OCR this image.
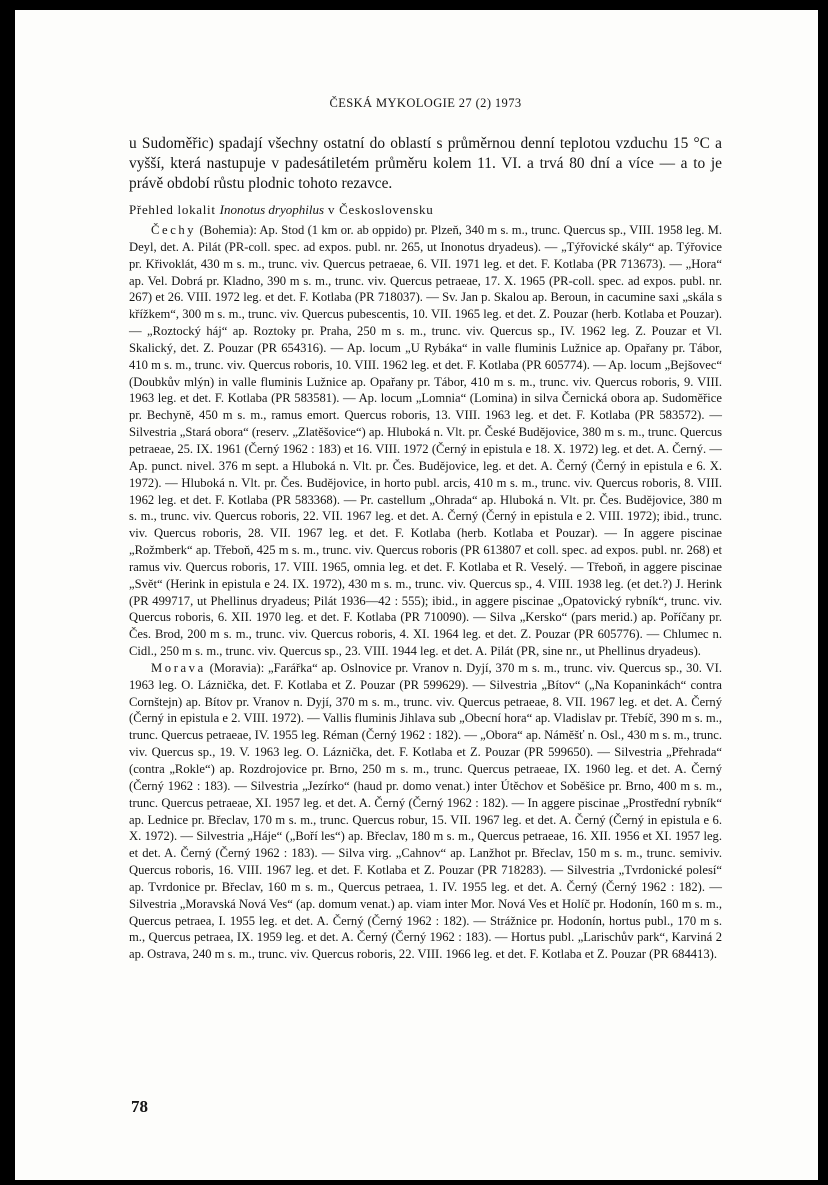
ČESKÁ MYKOLOGIE 27 (2) 1973
u Sudoměřic) spadají všechny ostatní do oblastí s průměrnou denní teplotou vzduchu 15 °C a vyšší, která nastupuje v padesátiletém průměru kolem 11. VI. a trvá 80 dní a více — a to je právě období růstu plodnic tohoto rezavce.
Přehled lokalit Inonotus dryophilus v Československu

Čechy (Bohemia): Ap. Stod (1 km or. ab oppido) pr. Plzeň, 340 m s. m., trunc. Quercus sp., VIII. 1958 leg. M. Deyl, det. A. Pilát (PR-coll. spec. ad expos. publ. nr. 265, ut Inonotus dryadeus). — „Týřovické skály“ ap. Týřovice pr. Křivoklát, 430 m s. m., trunc. viv. Quercus petraeae, 6. VII. 1971 leg. et det. F. Kotlaba (PR 713673). — „Hora“ ap. Vel. Dobrá pr. Kladno, 390 m s. m., trunc. viv. Quercus petraeae, 17. X. 1965 (PR-coll. spec. ad expos. publ. nr. 267) et 26. VIII. 1972 leg. et det. F. Kotlaba (PR 718037). — Sv. Jan p. Skalou ap. Beroun, in cacumine saxi „skála s křížkem“, 300 m s. m., trunc. viv. Quercus pubescentis, 10. VII. 1965 leg. et det. Z. Pouzar (herb. Kotlaba et Pouzar). — „Roztocký háj“ ap. Roztoky pr. Praha, 250 m s. m., trunc. viv. Quercus sp., IV. 1962 leg. Z. Pouzar et Vl. Skalický, det. Z. Pouzar (PR 654316). — Ap. locum „U Rybáka“ in valle fluminis Lužnice ap. Opařany pr. Tábor, 410 m s. m., trunc. viv. Quercus roboris, 10. VIII. 1962 leg. et det. F. Kotlaba (PR 605774). — Ap. locum „Bejšovec“ (Doubkův mlýn) in valle fluminis Lužnice ap. Opařany pr. Tábor, 410 m s. m., trunc. viv. Quercus roboris, 9. VIII. 1963 leg. et det. F. Kotlaba (PR 583581). — Ap. locum „Lomnia“ (Lomina) in silva Černická obora ap. Sudoměřice pr. Bechyně, 450 m s. m., ramus emort. Quercus roboris, 13. VIII. 1963 leg. et det. F. Kotlaba (PR 583572). — Silvestria „Stará obora“ (reserv. „Zlatěšovice“) ap. Hluboká n. Vlt. pr. České Budějovice, 380 m s. m., trunc. Quercus petraeae, 25. IX. 1961 (Černý 1962 : 183) et 16. VIII. 1972 (Černý in epistula e 18. X. 1972) leg. et det. A. Černý. — Ap. punct. nivel. 376 m sept. a Hluboká n. Vlt. pr. Čes. Budějovice, leg. et det. A. Černý (Černý in epistula e 6. X. 1972). — Hluboká n. Vlt. pr. Čes. Budějovice, in horto publ. arcis, 410 m s. m., trunc. viv. Quercus roboris, 8. VIII. 1962 leg. et det. F. Kotlaba (PR 583368). — Pr. castellum „Ohrada“ ap. Hluboká n. Vlt. pr. Čes. Budějovice, 380 m s. m., trunc. viv. Quercus roboris, 22. VII. 1967 leg. et det. A. Černý (Černý in epistula e 2. VIII. 1972); ibid., trunc. viv. Quercus roboris, 28. VII. 1967 leg. et det. F. Kotlaba (herb. Kotlaba et Pouzar). — In aggere piscinae „Rožmberk“ ap. Třeboň, 425 m s. m., trunc. viv. Quercus roboris (PR 613807 et coll. spec. ad expos. publ. nr. 268) et ramus viv. Quercus roboris, 17. VIII. 1965, omnia leg. et det. F. Kotlaba et R. Veselý. — Třeboň, in aggere piscinae „Svět“ (Herink in epistula e 24. IX. 1972), 430 m s. m., trunc. viv. Quercus sp., 4. VIII. 1938 leg. (et det.?) J. Herink (PR 499717, ut Phellinus dryadeus; Pilát 1936—42 : 555); ibid., in aggere piscinae „Opatovický rybník“, trunc. viv. Quercus roboris, 6. XII. 1970 leg. et det. F. Kotlaba (PR 710090). — Silva „Kersko“ (pars merid.) ap. Poříčany pr. Čes. Brod, 200 m s. m., trunc. viv. Quercus roboris, 4. XI. 1964 leg. et det. Z. Pouzar (PR 605776). — Chlumec n. Cidl., 250 m s. m., trunc. viv. Quercus sp., 23. VIII. 1944 leg. et det. A. Pilát (PR, sine nr., ut Phellinus dryadeus).

Morava (Moravia): „Farářka“ ap. Oslnovice pr. Vranov n. Dyjí, 370 m s. m., trunc. viv. Quercus sp., 30. VI. 1963 leg. O. Láznička, det. F. Kotlaba et Z. Pouzar (PR 599629). — Silvestria „Bítov“ („Na Kopaninkách“ contra Cornštejn) ap. Bítov pr. Vranov n. Dyjí, 370 m s. m., trunc. viv. Quercus petraeae, 8. VII. 1967 leg. et det. A. Černý (Černý in epistula e 2. VIII. 1972). — Vallis fluminis Jihlava sub „Obecní hora“ ap. Vladislav pr. Třebíč, 390 m s. m., trunc. Quercus petraeae, IV. 1955 leg. Réman (Černý 1962 : 182). — „Obora“ ap. Náměšť n. Osl., 430 m s. m., trunc. viv. Quercus sp., 19. V. 1963 leg. O. Láznička, det. F. Kotlaba et Z. Pouzar (PR 599650). — Silvestria „Přehrada“ (contra „Rokle“) ap. Rozdrojovice pr. Brno, 250 m s. m., trunc. Quercus petraeae, IX. 1960 leg. et det. A. Černý (Černý 1962 : 183). — Silvestria „Jezírko“ (haud pr. domo venat.) inter Útěchov et Soběšice pr. Brno, 400 m s. m., trunc. Quercus petraeae, XI. 1957 leg. et det. A. Černý (Černý 1962 : 182). — In aggere piscinae „Prostřední rybník“ ap. Lednice pr. Břeclav, 170 m s. m., trunc. Quercus robur, 15. VII. 1967 leg. et det. A. Černý (Černý in epistula e 6. X. 1972). — Silvestria „Háje“ („Boří les“) ap. Břeclav, 180 m s. m., Quercus petraeae, 16. XII. 1956 et XI. 1957 leg. et det. A. Černý (Černý 1962 : 183). — Silva virg. „Cahnov“ ap. Lanžhot pr. Břeclav, 150 m s. m., trunc. semiviv. Quercus roboris, 16. VIII. 1967 leg. et det. F. Kotlaba et Z. Pouzar (PR 718283). — Silvestria „Tvrdonické polesí“ ap. Tvrdonice pr. Břeclav, 160 m s. m., Quercus petraea, 1. IV. 1955 leg. et det. A. Černý (Černý 1962 : 182). — Silvestria „Moravská Nová Ves“ (ap. domum venat.) ap. viam inter Mor. Nová Ves et Holíč pr. Hodonín, 160 m s. m., Quercus petraea, I. 1955 leg. et det. A. Černý (Černý 1962 : 182). — Strážnice pr. Hodonín, hortus publ., 170 m s. m., Quercus petraea, IX. 1959 leg. et det. A. Černý (Černý 1962 : 183). — Hortus publ. „Larischův park“, Karviná 2 ap. Ostrava, 240 m s. m., trunc. viv. Quercus roboris, 22. VIII. 1966 leg. et det. F. Kotlaba et Z. Pouzar (PR 684413).

78
